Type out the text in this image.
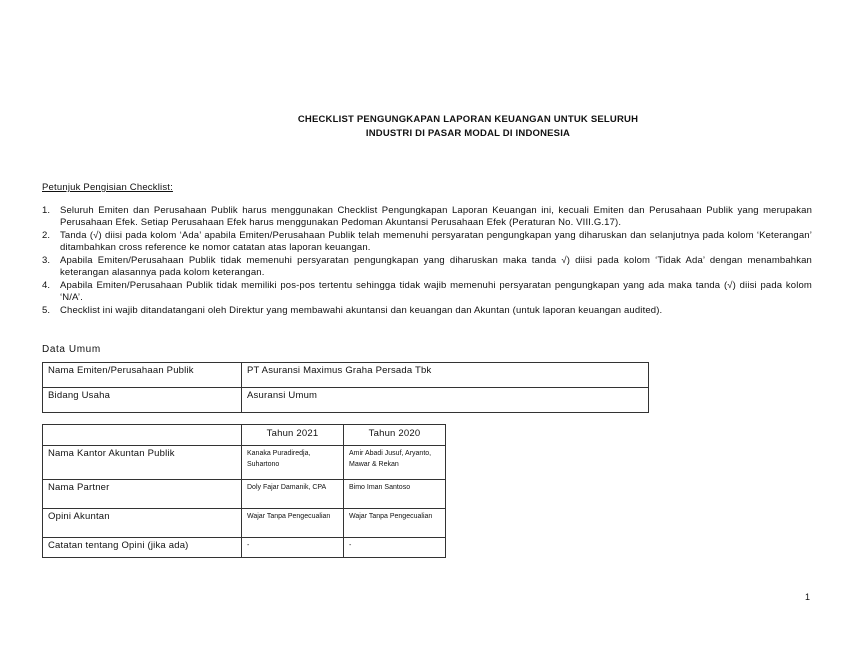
CHECKLIST PENGUNGKAPAN LAPORAN KEUANGAN UNTUK SELURUH
INDUSTRI DI PASAR MODAL DI INDONESIA
Petunjuk Pengisian Checklist:
1.	Seluruh Emiten dan Perusahaan Publik harus menggunakan Checklist Pengungkapan Laporan Keuangan ini, kecuali Emiten dan Perusahaan Publik yang merupakan Perusahaan Efek. Setiap Perusahaan Efek harus menggunakan Pedoman Akuntansi Perusahaan Efek (Peraturan No. VIII.G.17).
2.	Tanda (√) diisi pada kolom ‘Ada’ apabila Emiten/Perusahaan Publik telah memenuhi persyaratan pengungkapan yang diharuskan dan selanjutnya pada kolom ‘Keterangan’ ditambahkan cross reference ke nomor catatan atas laporan keuangan.
3.	Apabila Emiten/Perusahaan Publik tidak memenuhi persyaratan pengungkapan yang diharuskan maka tanda √) diisi pada kolom ‘Tidak Ada’ dengan menambahkan keterangan alasannya pada kolom keterangan.
4.	Apabila Emiten/Perusahaan Publik tidak memiliki pos-pos tertentu sehingga tidak wajib memenuhi persyaratan pengungkapan yang ada maka tanda (√) diisi pada kolom ‘N/A’.
5.	Checklist ini wajib ditandatangani oleh Direktur yang membawahi akuntansi dan keuangan dan Akuntan (untuk laporan keuangan audited).
Data Umum
Nama Emiten/Perusahaan Publik	PT Asuransi Maximus Graha Persada Tbk
Bidang Usaha	Asuransi Umum
	Tahun 2021	Tahun 2020
Nama Kantor Akuntan Publik	Kanaka Puradiredja, Suhartono	Amir Abadi Jusuf, Aryanto, Mawar & Rekan
Nama Partner	Doly Fajar Damanik, CPA	Bimo Iman Santoso
Opini Akuntan	Wajar Tanpa Pengecualian	Wajar Tanpa Pengecualian
Catatan tentang Opini (jika ada)	-	-
1
